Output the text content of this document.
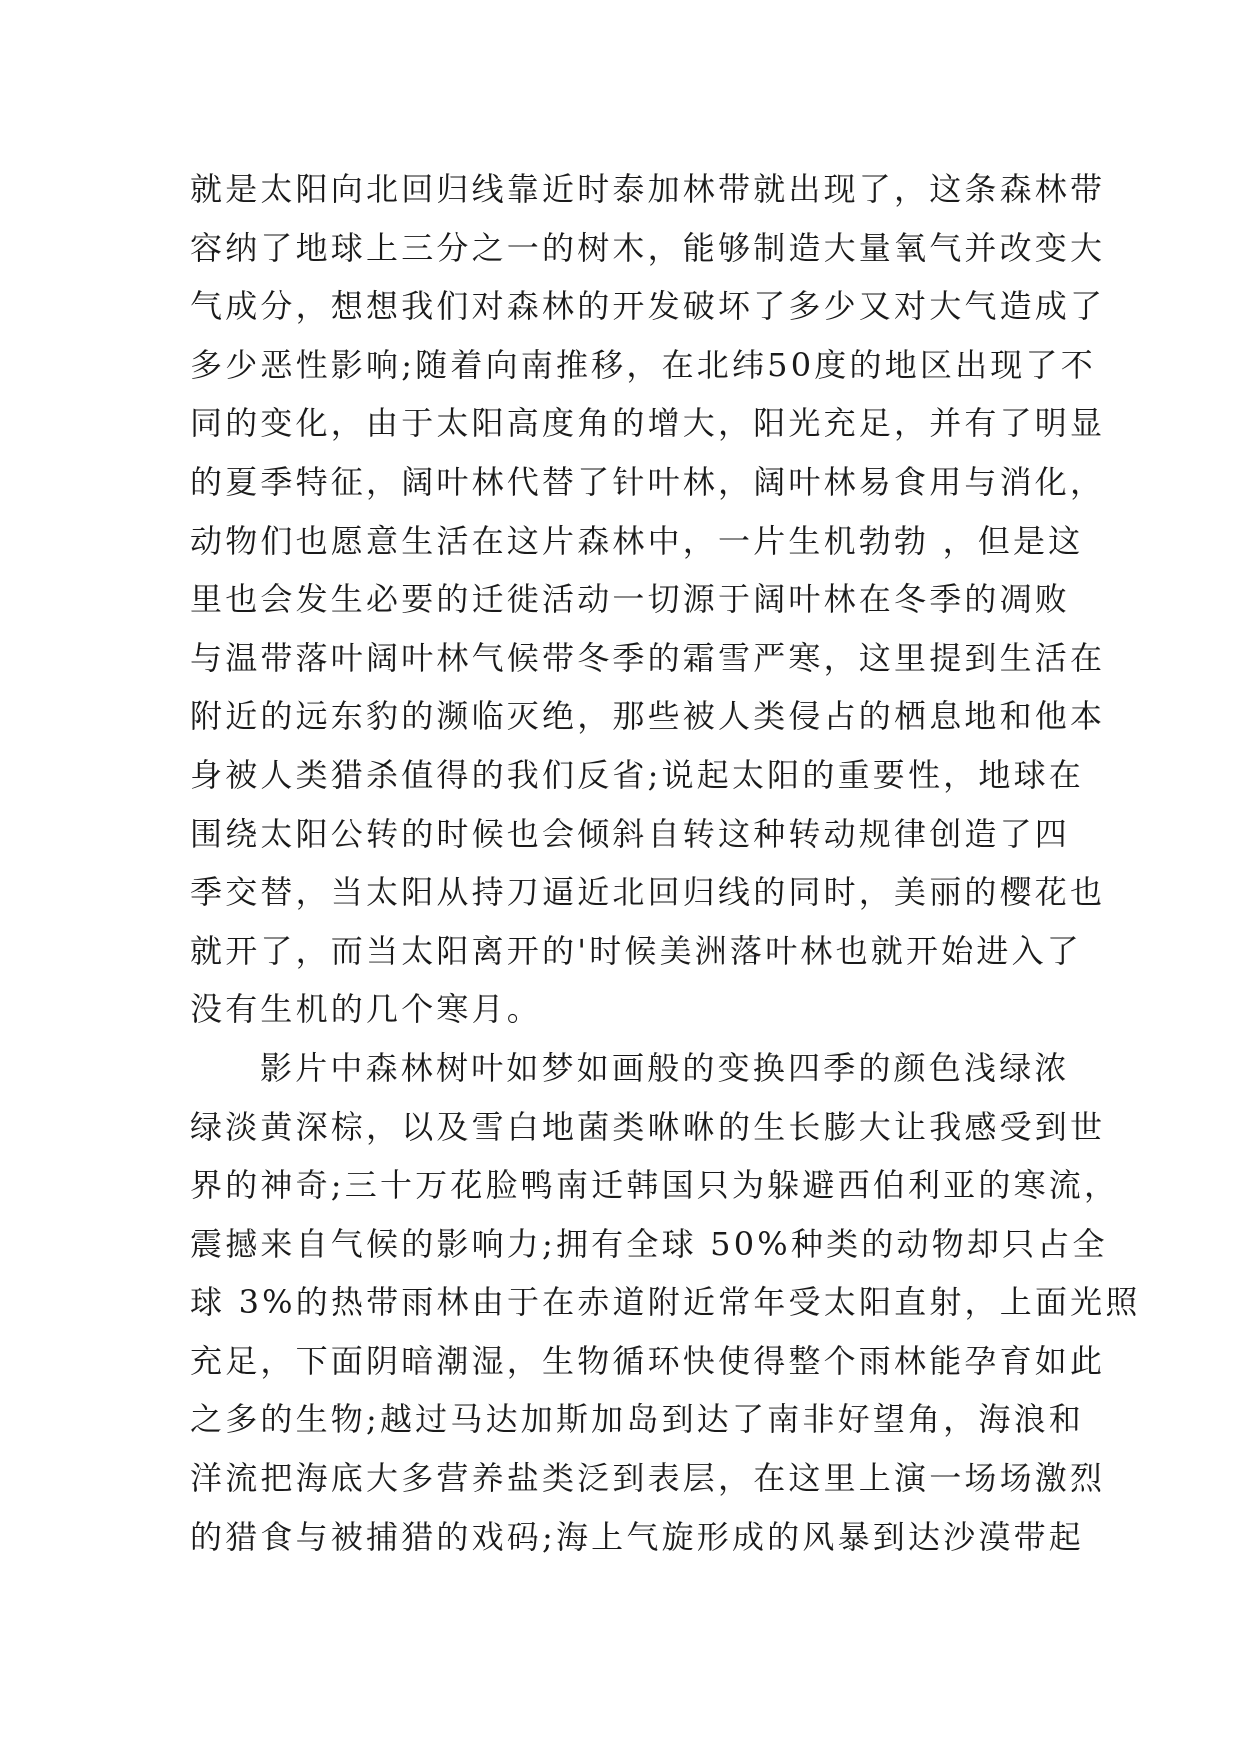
就是太阳向北回归线靠近时泰加林带就出现了，这条森林带
容纳了地球上三分之一的树木，能够制造大量氧气并改变大
气成分，想想我们对森林的开发破坏了多少又对大气造成了
多少恶性影响;随着向南推移，在北纬50度的地区出现了不
同的变化，由于太阳高度角的增大，阳光充足，并有了明显
的夏季特征，阔叶林代替了针叶林，阔叶林易食用与消化，
动物们也愿意生活在这片森林中，一片生机勃勃 ，但是这
里也会发生必要的迁徙活动一切源于阔叶林在冬季的凋败
与温带落叶阔叶林气候带冬季的霜雪严寒，这里提到生活在
附近的远东豹的濒临灭绝，那些被人类侵占的栖息地和他本
身被人类猎杀值得的我们反省;说起太阳的重要性，地球在
围绕太阳公转的时候也会倾斜自转这种转动规律创造了四
季交替，当太阳从持刀逼近北回归线的同时，美丽的樱花也
就开了，而当太阳离开的'时候美洲落叶林也就开始进入了
没有生机的几个寒月。
影片中森林树叶如梦如画般的变换四季的颜色浅绿浓
绿淡黄深棕，以及雪白地菌类咻咻的生长膨大让我感受到世
界的神奇;三十万花脸鸭南迁韩国只为躲避西伯利亚的寒流，
震撼来自气候的影响力;拥有全球 50%种类的动物却只占全
球 3%的热带雨林由于在赤道附近常年受太阳直射，上面光照
充足，下面阴暗潮湿，生物循环快使得整个雨林能孕育如此
之多的生物;越过马达加斯加岛到达了南非好望角，海浪和
洋流把海底大多营养盐类泛到表层，在这里上演一场场激烈
的猎食与被捕猎的戏码;海上气旋形成的风暴到达沙漠带起
